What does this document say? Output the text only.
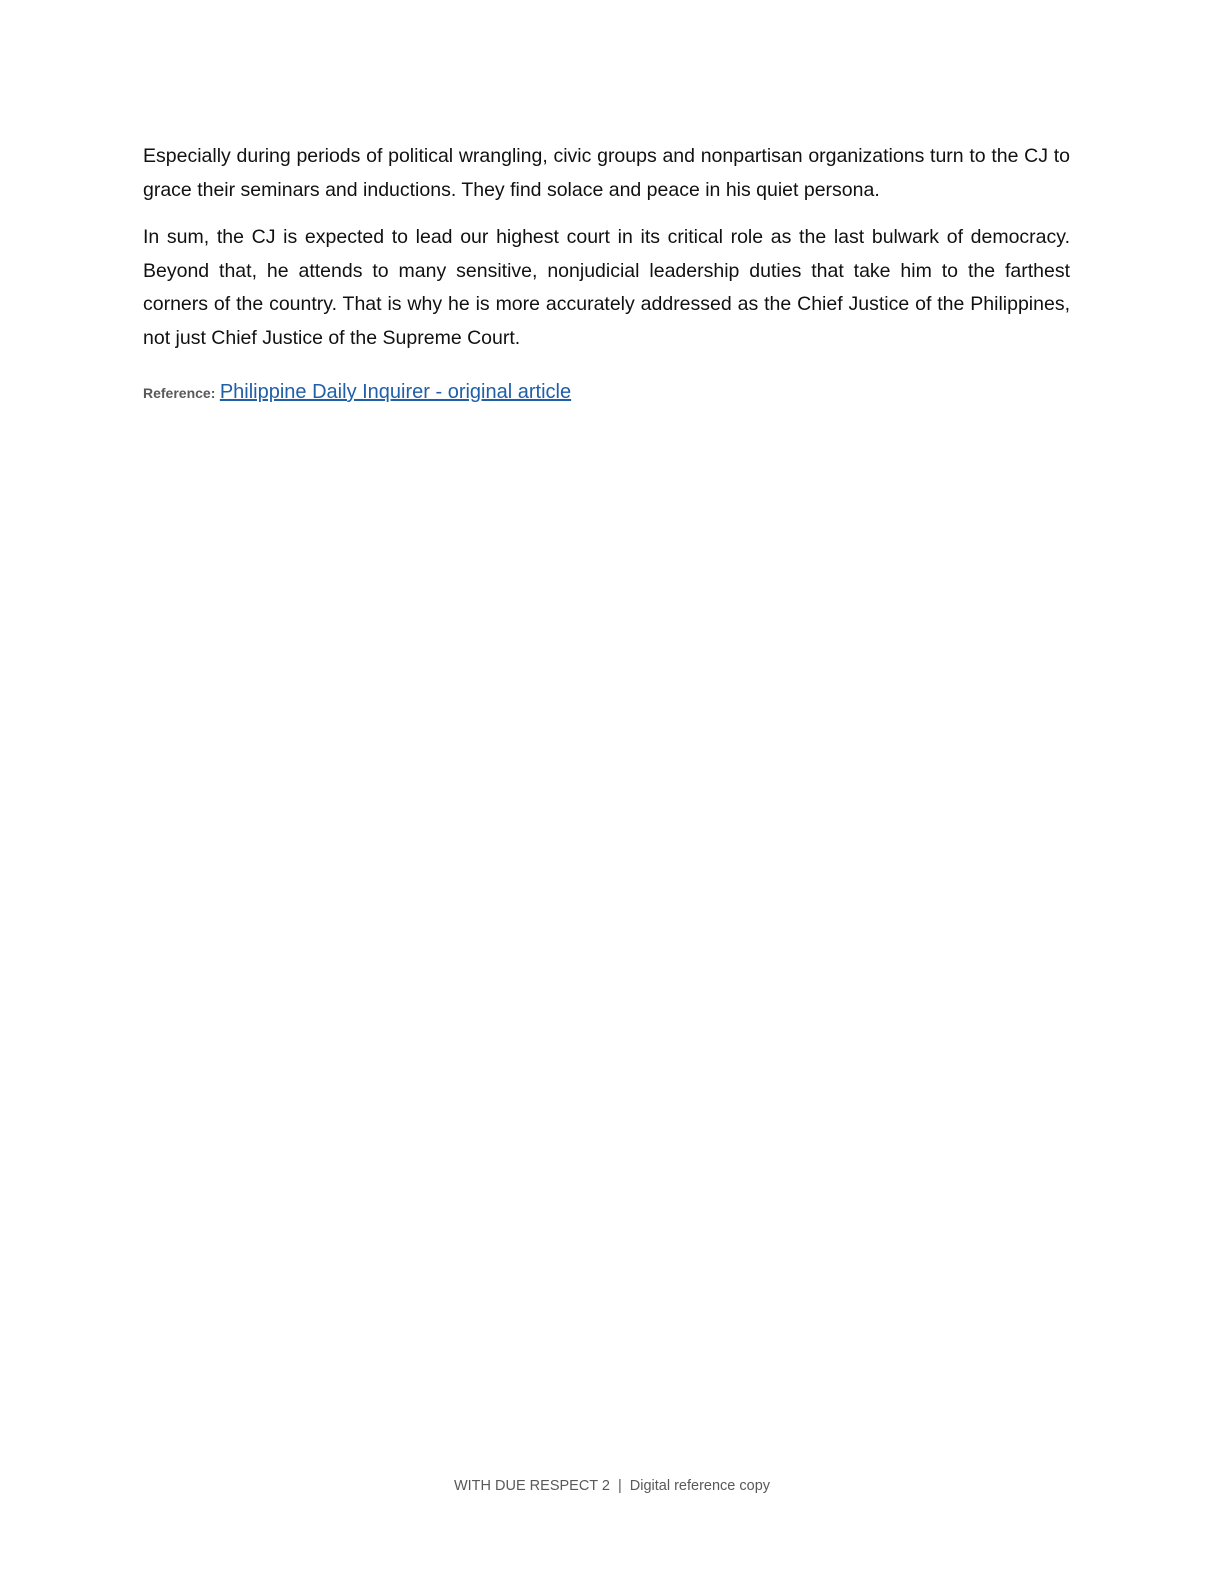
Especially during periods of political wrangling, civic groups and nonpartisan organizations turn to the CJ to grace their seminars and inductions. They find solace and peace in his quiet persona.

In sum, the CJ is expected to lead our highest court in its critical role as the last bulwark of democracy. Beyond that, he attends to many sensitive, nonjudicial leadership duties that take him to the farthest corners of the country. That is why he is more accurately addressed as the Chief Justice of the Philippines, not just Chief Justice of the Supreme Court.

Reference: Philippine Daily Inquirer - original article
WITH DUE RESPECT 2 | Digital reference copy
